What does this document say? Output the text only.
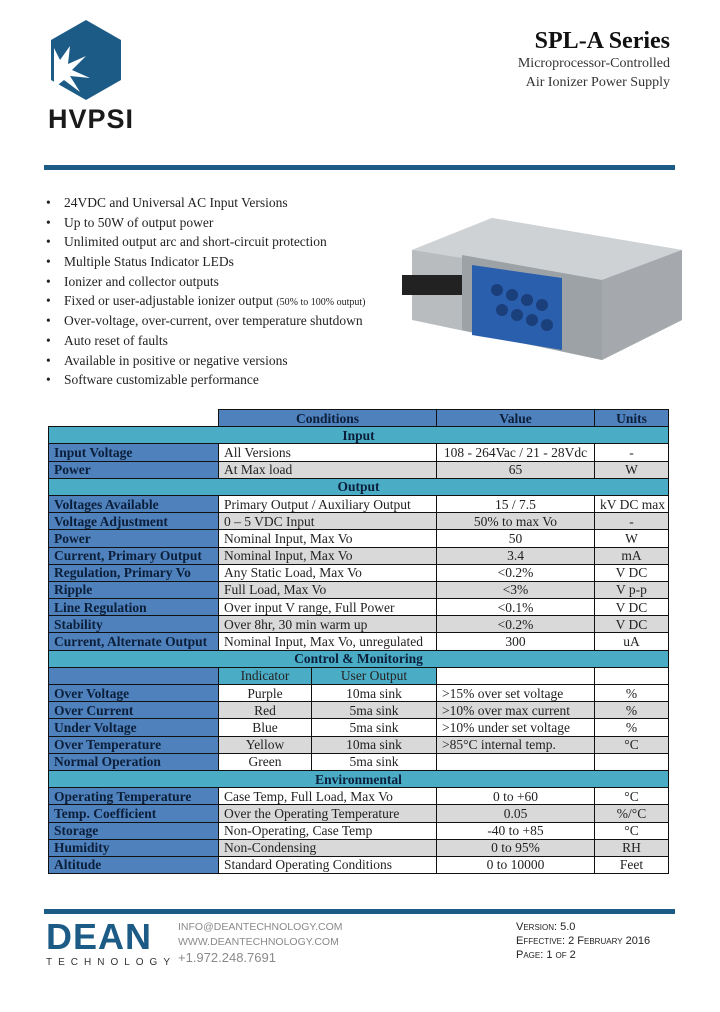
HVPSI
SPL-A Series
Microprocessor-Controlled
Air Ionizer Power Supply
• 24VDC and Universal AC Input Versions
• Up to 50W of output power
• Unlimited output arc and short-circuit protection
• Multiple Status Indicator LEDs
• Ionizer and collector outputs
• Fixed or user-adjustable ionizer output (50% to 100% output)
• Over-voltage, over-current, over temperature shutdown
• Auto reset of faults
• Available in positive or negative versions
• Software customizable performance
	Conditions		Value	Units
Input				
Input Voltage	All Versions		108 - 264Vac / 21 - 28Vdc	-
Power	At Max load		65	W
Output				
Voltages Available	Primary Output / Auxiliary Output		15 / 7.5	kV DC max
Voltage Adjustment	0 – 5 VDC Input		50% to max Vo	-
Power	Nominal Input, Max Vo		50	W
Current, Primary Output	Nominal Input, Max Vo		3.4	mA
Regulation, Primary Vo	Any Static Load, Max Vo		<0.2%	V DC
Ripple	Full Load, Max Vo		<3%	V p-p
Line Regulation	Over input V range, Full Power		<0.1%	V DC
Stability	Over 8hr, 30 min warm up		<0.2%	V DC
Current, Alternate Output	Nominal Input, Max Vo, unregulated		300	uA
Control & Monitoring				
	Indicator	User Output		
Over Voltage	Purple	10ma sink	>15% over set voltage	%
Over Current	Red	5ma sink	>10% over max current	%
Under Voltage	Blue	5ma sink	>10% under set voltage	%
Over Temperature	Yellow	10ma sink	>85°C internal temp.	°C
Normal Operation	Green	5ma sink		
Environmental				
Operating Temperature	Case Temp, Full Load, Max Vo		0 to +60	°C
Temp. Coefficient	Over the Operating Temperature		0.05	%/°C
Storage	Non-Operating, Case Temp		-40 to +85	°C
Humidity	Non-Condensing		0 to 95%	RH
Altitude	Standard Operating Conditions		0 to 10000	Feet
DEAN
TECHNOLOGY
INFO@DEANTECHNOLOGY.COM
WWW.DEANTECHNOLOGY.COM
+1.972.248.7691
Version: 5.0
Effective: 2 February 2016
Page: 1 of 2
